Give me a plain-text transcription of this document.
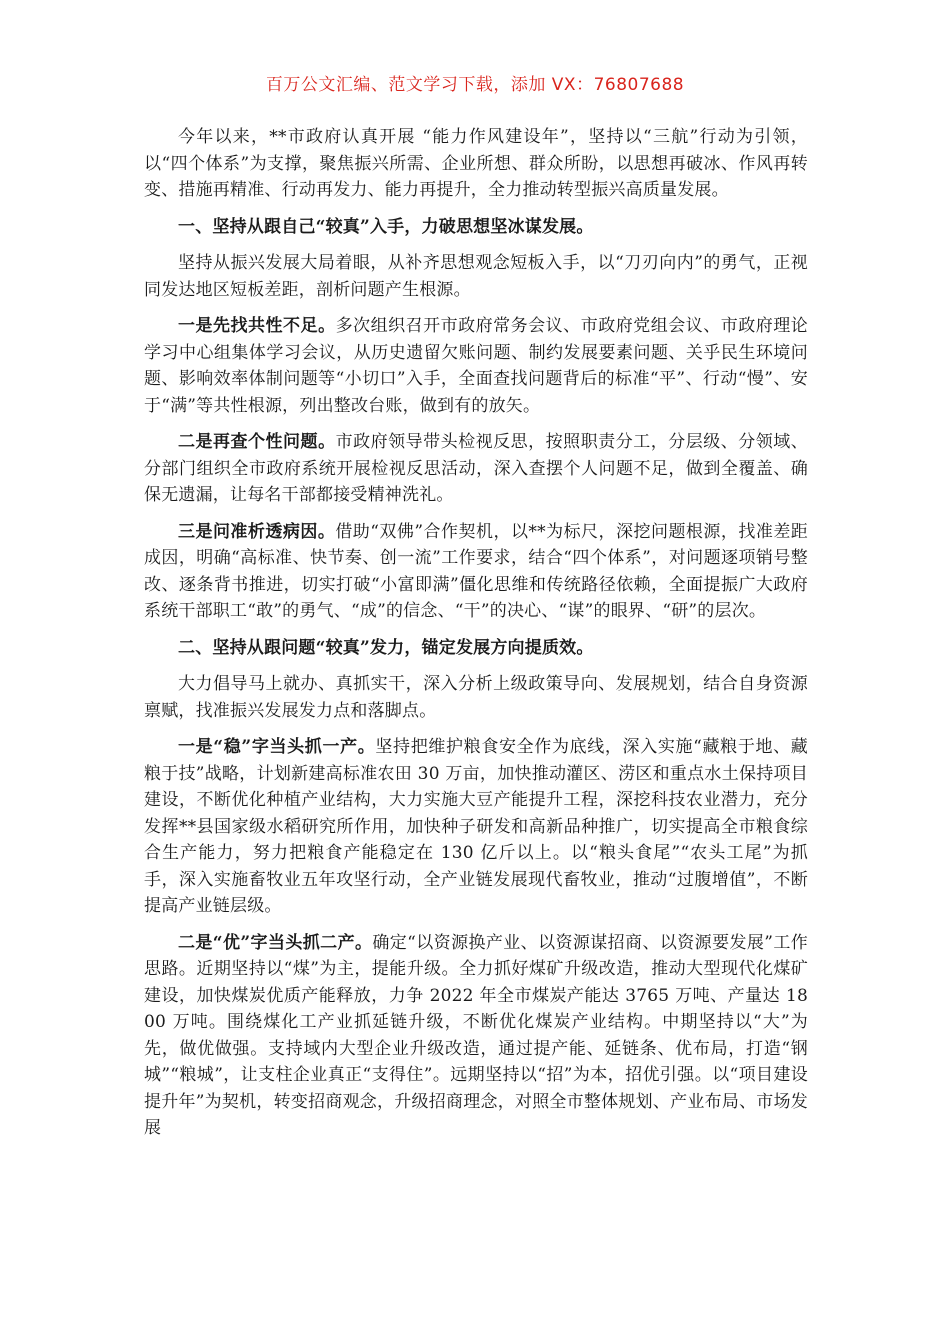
百万公文汇编、范文学习下载，添加 VX：76807688

今年以来，**市政府认真开展 “能力作风建设年”，坚持以“三航”行动为引领，以“四个体系”为支撑，聚焦振兴所需、企业所想、群众所盼，以思想再破冰、作风再转变、措施再精准、行动再发力、能力再提升，全力推动转型振兴高质量发展。

一、坚持从跟自己“较真”入手，力破思想坚冰谋发展。

坚持从振兴发展大局着眼，从补齐思想观念短板入手，以“刀刃向内”的勇气，正视同发达地区短板差距，剖析问题产生根源。

一是先找共性不足。多次组织召开市政府常务会议、市政府党组会议、市政府理论学习中心组集体学习会议，从历史遗留欠账问题、制约发展要素问题、关乎民生环境问题、影响效率体制问题等“小切口”入手，全面查找问题背后的标准“平”、行动“慢”、安于“满”等共性根源，列出整改台账，做到有的放矢。

二是再查个性问题。市政府领导带头检视反思，按照职责分工，分层级、分领域、分部门组织全市政府系统开展检视反思活动，深入查摆个人问题不足，做到全覆盖、确保无遗漏，让每名干部都接受精神洗礼。

三是问准析透病因。借助“双佛”合作契机，以**为标尺，深挖问题根源，找准差距成因，明确“高标准、快节奏、创一流”工作要求，结合“四个体系”，对问题逐项销号整改、逐条背书推进，切实打破“小富即满”僵化思维和传统路径依赖，全面提振广大政府系统干部职工“敢”的勇气、“成”的信念、“干”的决心、“谋”的眼界、“研”的层次。

二、坚持从跟问题“较真”发力，锚定发展方向提质效。

大力倡导马上就办、真抓实干，深入分析上级政策导向、发展规划，结合自身资源禀赋，找准振兴发展发力点和落脚点。

一是“稳”字当头抓一产。坚持把维护粮食安全作为底线，深入实施“藏粮于地、藏粮于技”战略，计划新建高标准农田 30 万亩，加快推动灌区、涝区和重点水土保持项目建设，不断优化种植产业结构，大力实施大豆产能提升工程，深挖科技农业潜力，充分发挥**县国家级水稻研究所作用，加快种子研发和高新品种推广，切实提高全市粮食综合生产能力，努力把粮食产能稳定在 130 亿斤以上。以“粮头食尾”“农头工尾”为抓手，深入实施畜牧业五年攻坚行动，全产业链发展现代畜牧业，推动“过腹增值”，不断提高产业链层级。

二是“优”字当头抓二产。确定“以资源换产业、以资源谋招商、以资源要发展”工作思路。近期坚持以“煤”为主，提能升级。全力抓好煤矿升级改造，推动大型现代化煤矿建设，加快煤炭优质产能释放，力争 2022 年全市煤炭产能达 3765 万吨、产量达 1800 万吨。围绕煤化工产业抓延链升级，不断优化煤炭产业结构。中期坚持以“大”为先，做优做强。支持域内大型企业升级改造，通过提产能、延链条、优布局，打造“钢城”“粮城”，让支柱企业真正“支得住”。远期坚持以“招”为本，招优引强。以“项目建设提升年”为契机，转变招商观念，升级招商理念，对照全市整体规划、产业布局、市场发展
